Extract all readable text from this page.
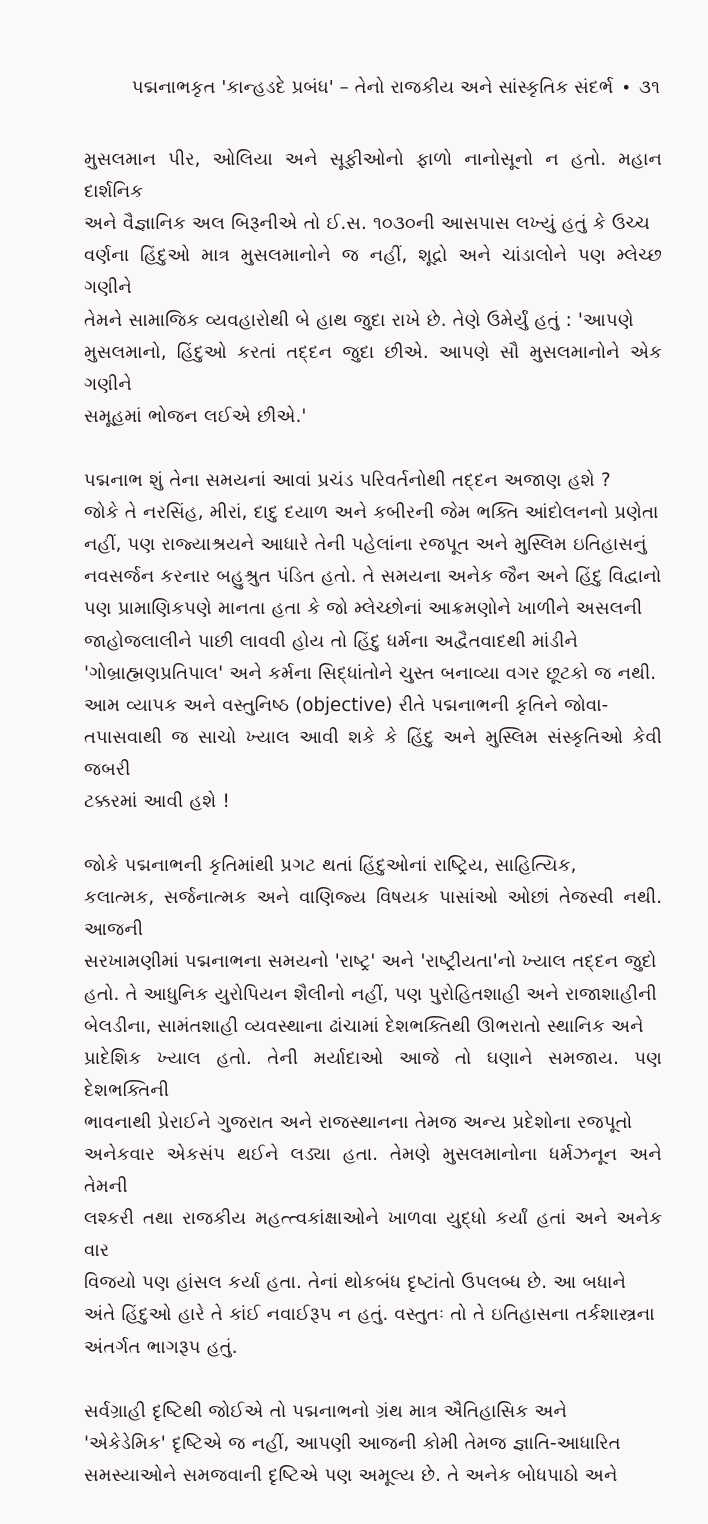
પદ્મનાભકૃત 'કાન્હડદે પ્રબંધ' – તેનો રાજકીય અને સાંસ્કૃતિક સંદર્ભ • ૩૧

મુસલમાન પીર, ઓલિયા અને સૂફીઓનો ફાળો નાનોસૂનો ન હતો. મહાન દાર્શનિક
અને વૈજ્ઞાનિક અલ બિરૂનીએ તો ઈ.સ. ૧૦૩૦ની આસપાસ લખ્યું હતું કે ઉચ્ચ
વર્ણના હિંદુઓ માત્ર મુસલમાનોને જ નહીં, શૂદ્રો અને ચાંડાલોને પણ મ્લેચ્છ ગણીને
તેમને સામાજિક વ્યવહારોથી બે હાથ જુદા રાખે છે. તેણે ઉમેર્યું હતું : 'આપણે
મુસલમાનો, હિંદુઓ કરતાં તદ્દન જુદા છીએ. આપણે સૌ મુસલમાનોને એક ગણીને
સમૂહમાં ભોજન લઈએ છીએ.'

પદ્મનાભ શું તેના સમયનાં આવાં પ્રચંડ પરિવર્તનોથી તદ્દન અજાણ હશે ?
જોકે તે નરસિંહ, મીરાં, દાદુ દયાળ અને કબીરની જેમ ભક્તિ આંદોલનનો પ્રણેતા
નહીં, પણ રાજ્યાશ્રયને આધારે તેની પહેલાંના રજપૂત અને મુસ્લિમ ઇતિહાસનું
નવસર્જન કરનાર બહુશ્રુત પંડિત હતો. તે સમયના અનેક જૈન અને હિંદુ વિદ્વાનો
પણ પ્રામાણિકપણે માનતા હતા કે જો મ્લેચ્છોનાં આક્રમણોને ખાળીને અસલની
જાહોજલાલીને પાછી લાવવી હોય તો હિંદુ ધર્મના અદ્વૈતવાદથી માંડીને
'ગોબ્રાહ્મણપ્રતિપાલ' અને કર્મના સિદ્ધાંતોને ચુસ્ત બનાવ્યા વગર છૂટકો જ નથી.
આમ વ્યાપક અને વસ્તુનિષ્ઠ (objective) રીતે પદ્મનાભની કૃતિને જોવા-
તપાસવાથી જ સાચો ખ્યાલ આવી શકે કે હિંદુ અને મુસ્લિમ સંસ્કૃતિઓ કેવી જબરી
ટક્કરમાં આવી હશે !

જોકે પદ્મનાભની કૃતિમાંથી પ્રગટ થતાં હિંદુઓનાં રાષ્ટ્રિય, સાહિત્યિક,
કલાત્મક, સર્જનાત્મક અને વાણિજ્ય વિષયક પાસાંઓ ઓછાં તેજસ્વી નથી. આજની
સરખામણીમાં પદ્મનાભના સમયનો 'રાષ્ટ્ર' અને 'રાષ્ટ્રીયતા'નો ખ્યાલ તદ્દન જુદો
હતો. તે આધુનિક યુરોપિયન શૈલીનો નહીં, પણ પુરોહિતશાહી અને રાજાશાહીની
બેલડીના, સામંતશાહી વ્યવસ્થાના ઢાંચામાં દેશભક્તિથી ઊભરાતો સ્થાનિક અને
પ્રાદેશિક ખ્યાલ હતો. તેની મર્યાદાઓ આજે તો ઘણાને સમજાય. પણ દેશભક્તિની
ભાવનાથી પ્રેરાઈને ગુજરાત અને રાજસ્થાનના તેમજ અન્ય પ્રદેશોના રજપૂતો
અનેકવાર એકસંપ થઈને લડ્યા હતા. તેમણે મુસલમાનોના ધર્મઝનૂન અને તેમની
લશ્કરી તથા રાજકીય મહત્ત્વકાંક્ષાઓને ખાળવા યુદ્ધો કર્યાં હતાં અને અનેક વાર
વિજયો પણ હાંસલ કર્યા હતા. તેનાં થોકબંધ દૃષ્ટાંતો ઉપલબ્ધ છે. આ બધાને
અંતે હિંદુઓ હારે તે કાંઈ નવાઈરૂપ ન હતું. વસ્તુતઃ તો તે ઇતિહાસના તર્કશાસ્ત્રના
અંતર્ગત ભાગરૂપ હતું.

સર્વગ્રાહી દૃષ્ટિથી જોઈએ તો પદ્મનાભનો ગ્રંથ માત્ર ઐતિહાસિક અને
'એકેડેમિક' દૃષ્ટિએ જ નહીં, આપણી આજની કોમી તેમજ જ્ઞાતિ-આધારિત
સમસ્યાઓને સમજવાની દૃષ્ટિએ પણ અમૂલ્ય છે. તે અનેક બોધપાઠો અને
